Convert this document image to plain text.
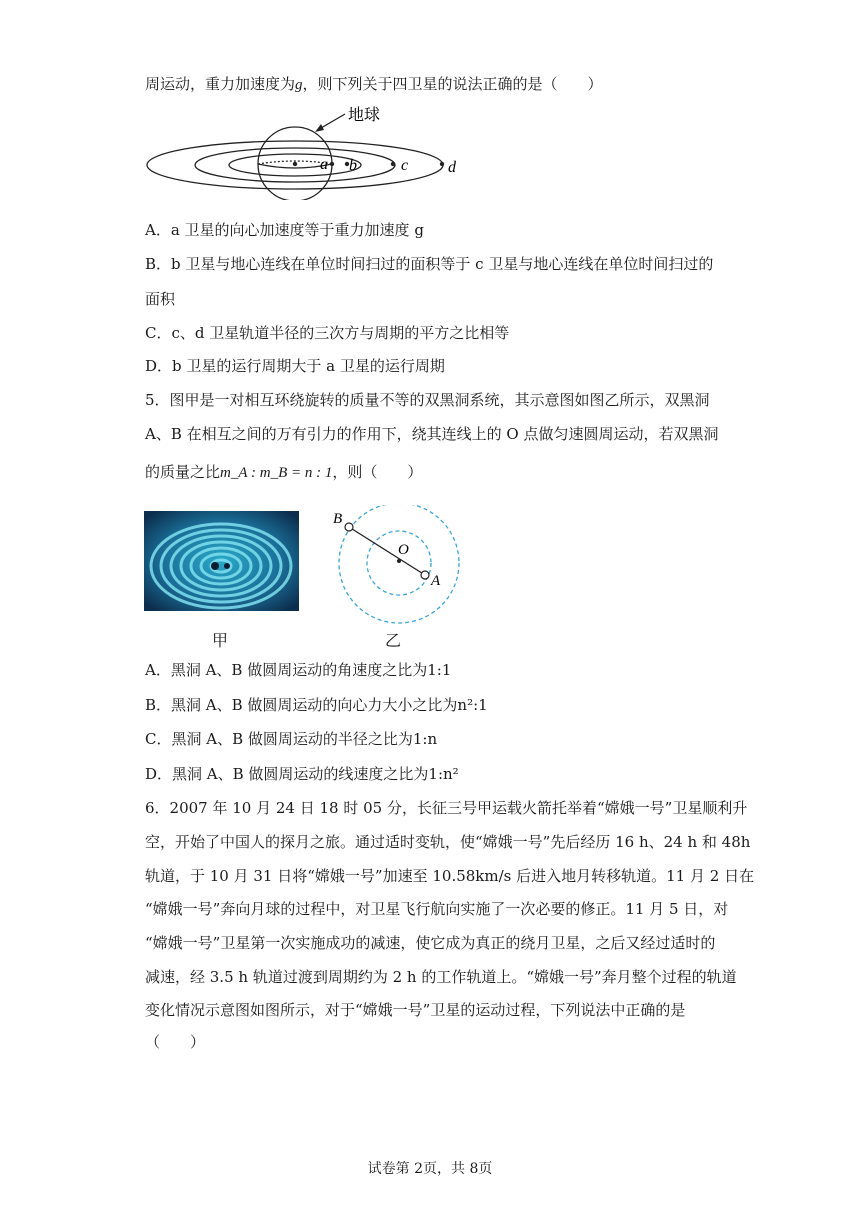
周运动，重力加速度为g，则下列关于四卫星的说法正确的是（　　）
a b	c d
地球
A．a 卫星的向心加速度等于重力加速度 g
B．b 卫星与地心连线在单位时间扫过的面积等于 c 卫星与地心连线在单位时间扫过的
面积
C．c、d 卫星轨道半径的三次方与周期的平方之比相等
D．b 卫星的运行周期大于 a 卫星的运行周期
5．图甲是一对相互环绕旋转的质量不等的双黑洞系统，其示意图如图乙所示，双黑洞
A、B 在相互之间的万有引力的作用下，绕其连线上的 O 点做匀速圆周运动，若双黑洞
的质量之比m_A : m_B = n : 1，则（　　）
甲
B
O
A
乙
A．黑洞 A、B 做圆周运动的角速度之比为1:1
B．黑洞 A、B 做圆周运动的向心力大小之比为n²:1
C．黑洞 A、B 做圆周运动的半径之比为1:n
D．黑洞 A、B 做圆周运动的线速度之比为1:n²
6．2007 年 10 月 24 日 18 时 05 分，长征三号甲运载火箭托举着“嫦娥一号”卫星顺利升
空，开始了中国人的探月之旅。通过适时变轨，使“嫦娥一号”先后经历 16 h、24 h 和 48h
轨道，于 10 月 31 日将“嫦娥一号”加速至 10.58km/s 后进入地月转移轨道。11 月 2 日在
“嫦娥一号”奔向月球的过程中，对卫星飞行航向实施了一次必要的修正。11 月 5 日，对
“嫦娥一号”卫星第一次实施成功的减速，使它成为真正的绕月卫星，之后又经过适时的
减速，经 3.5 h 轨道过渡到周期约为 2 h 的工作轨道上。“嫦娥一号”奔月整个过程的轨道
变化情况示意图如图所示，对于“嫦娥一号”卫星的运动过程，下列说法中正确的是
（　　）
试卷第 2页，共 8页
